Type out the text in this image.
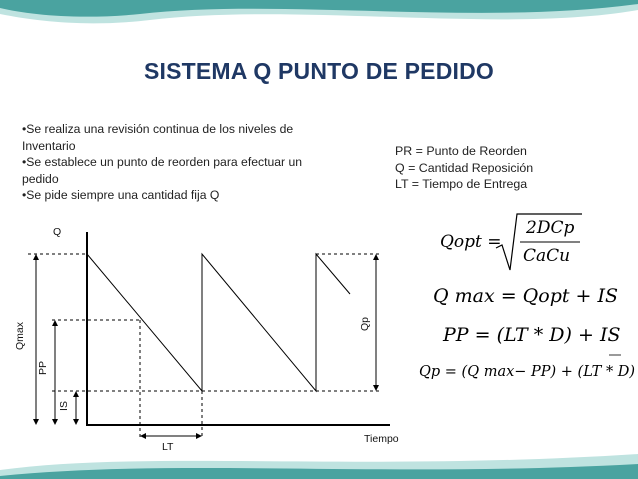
SISTEMA Q PUNTO DE PEDIDO
•Se realiza una revisión continua de los niveles de Inventario
•Se establece un punto de reorden para efectuar un pedido
•Se pide siempre una cantidad fija Q
PR = Punto de Reorden
Q = Cantidad Reposición
LT = Tiempo de Entrega
Q
Tiempo
LT
Qmax
PP
IS
Qp
Qopt =
2DCp
CaCu
Q max = Qopt + IS
PP = (LT * D) + IS
Qp = (Q max− PP) + (LT * D)
